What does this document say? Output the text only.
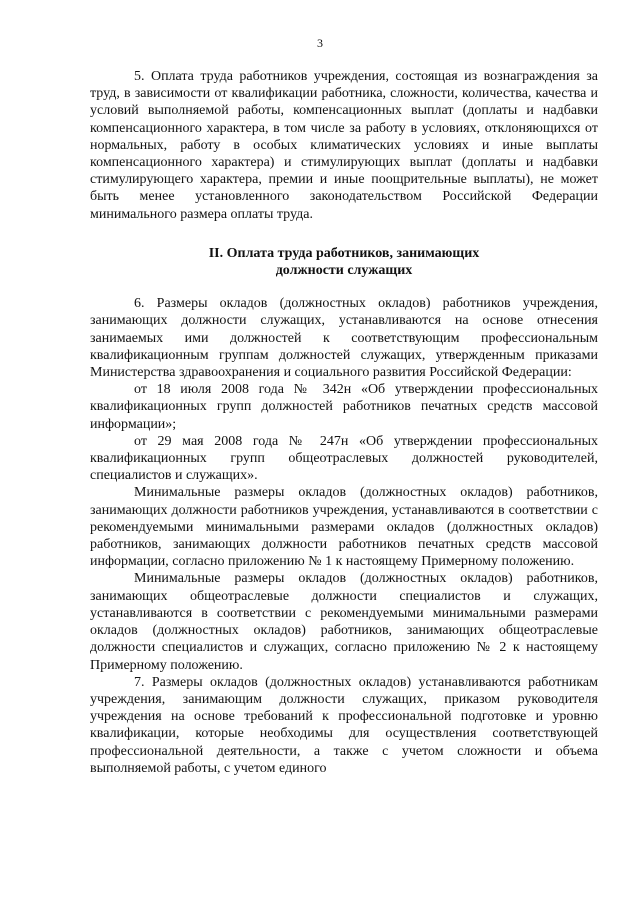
3

5. Оплата труда работников учреждения, состоящая из вознаграждения за труд, в зависимости от квалификации работника, сложности, количества, качества и условий выполняемой работы, компенсационных выплат (доплаты и надбавки компенсационного характера, в том числе за работу в условиях, отклоняющихся от нормальных, работу в особых климатических условиях и иные выплаты компенсационного характера) и стимулирующих выплат (доплаты и надбавки стимулирующего характера, премии и иные поощрительные выплаты), не может быть менее установленного законодательством Российской Федерации минимального размера оплаты труда.

II. Оплата труда работников, занимающих

должности служащих

6. Размеры окладов (должностных окладов) работников учреждения, занимающих должности служащих, устанавливаются на основе отнесения занимаемых ими должностей к соответствующим профессиональным квалификационным группам должностей служащих, утвержденным приказами Министерства здравоохранения и социального развития Российской Федерации:

от 18 июля 2008 года № 342н «Об утверждении профессиональных квалификационных групп должностей работников печатных средств массовой информации»;

от 29 мая 2008 года № 247н «Об утверждении профессиональных квалификационных групп общеотраслевых должностей руководителей, специалистов и служащих».

Минимальные размеры окладов (должностных окладов) работников, занимающих должности работников учреждения, устанавливаются в соответствии с рекомендуемыми минимальными размерами окладов (должностных окладов) работников, занимающих должности работников печатных средств массовой информации, согласно приложению № 1 к настоящему Примерному положению.

Минимальные размеры окладов (должностных окладов) работников, занимающих общеотраслевые должности специалистов и служащих, устанавливаются в соответствии с рекомендуемыми минимальными размерами окладов (должностных окладов) работников, занимающих общеотраслевые должности специалистов и служащих, согласно приложению № 2 к настоящему Примерному положению.

7. Размеры окладов (должностных окладов) устанавливаются работникам учреждения, занимающим должности служащих, приказом руководителя учреждения на основе требований к профессиональной подготовке и уровню квалификации, которые необходимы для осуществления соответствующей профессиональной деятельности, а также с учетом сложности и объема выполняемой работы, с учетом единого
